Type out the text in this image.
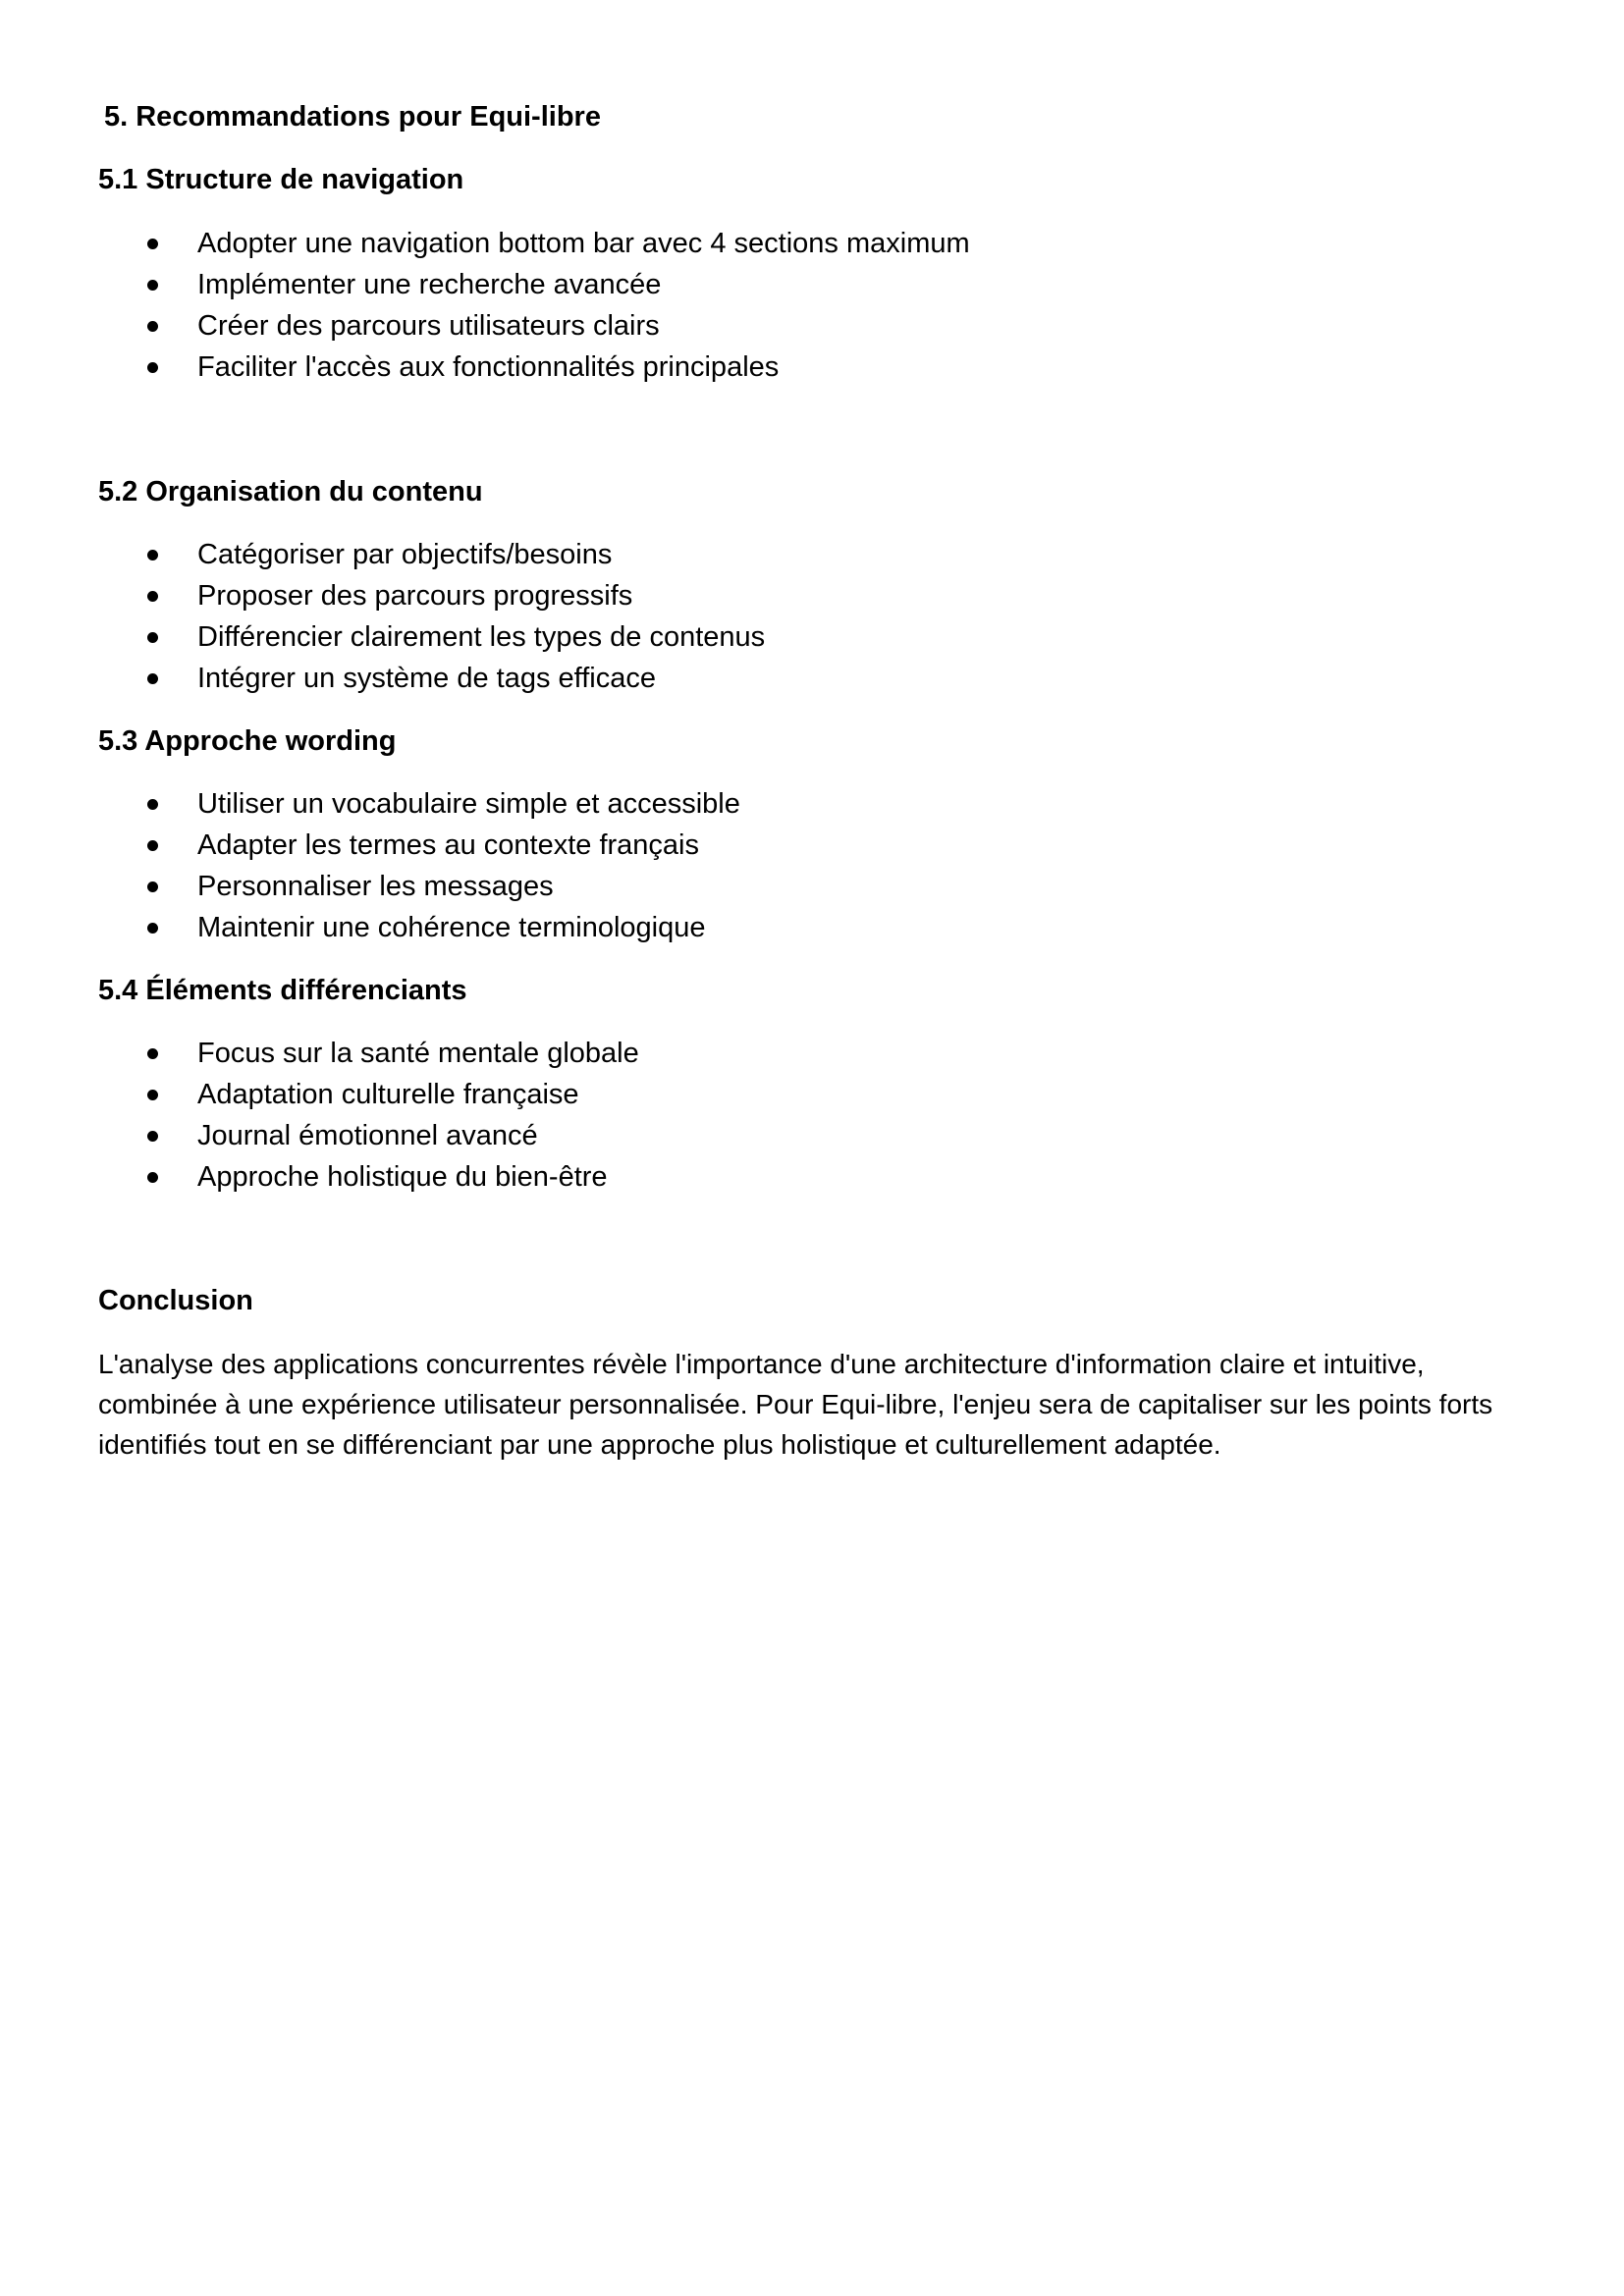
5. Recommandations pour Equi-libre
5.1 Structure de navigation
Adopter une navigation bottom bar avec 4 sections maximum
Implémenter une recherche avancée
Créer des parcours utilisateurs clairs
Faciliter l'accès aux fonctionnalités principales
5.2 Organisation du contenu
Catégoriser par objectifs/besoins
Proposer des parcours progressifs
Différencier clairement les types de contenus
Intégrer un système de tags efficace
5.3 Approche wording
Utiliser un vocabulaire simple et accessible
Adapter les termes au contexte français
Personnaliser les messages
Maintenir une cohérence terminologique
5.4 Éléments différenciants
Focus sur la santé mentale globale
Adaptation culturelle française
Journal émotionnel avancé
Approche holistique du bien-être
Conclusion
L'analyse des applications concurrentes révèle l'importance d'une architecture d'information claire et intuitive,
combinée à une expérience utilisateur personnalisée. Pour Equi-libre, l'enjeu sera de capitaliser sur les points forts
identifiés tout en se différenciant par une approche plus holistique et culturellement adaptée.
